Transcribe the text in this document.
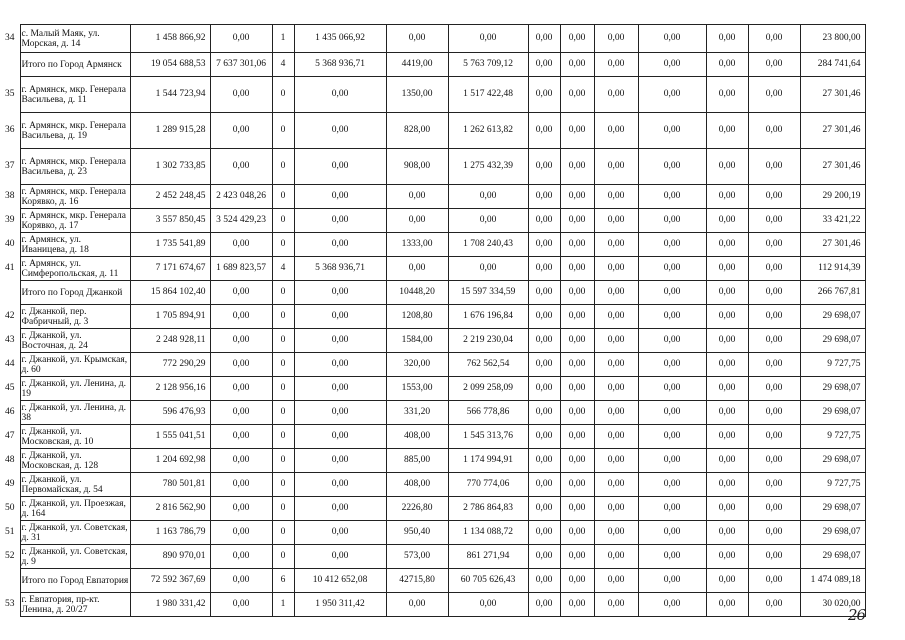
34	с. Малый Маяк, ул. Морская, д. 14	1 458 866,92	0,00	1	1 435 066,92	0,00	0,00	0,00	0,00	0,00	0,00	0,00	0,00	23 800,00
	Итого по Город Армянск	19 054 688,53	7 637 301,06	4	5 368 936,71	4419,00	5 763 709,12	0,00	0,00	0,00	0,00	0,00	0,00	284 741,64
35	г. Армянск, мкр. Генерала Васильева, д. 11	1 544 723,94	0,00	0	0,00	1350,00	1 517 422,48	0,00	0,00	0,00	0,00	0,00	0,00	27 301,46
36	г. Армянск, мкр. Генерала Васильева, д. 19	1 289 915,28	0,00	0	0,00	828,00	1 262 613,82	0,00	0,00	0,00	0,00	0,00	0,00	27 301,46
37	г. Армянск, мкр. Генерала Васильева, д. 23	1 302 733,85	0,00	0	0,00	908,00	1 275 432,39	0,00	0,00	0,00	0,00	0,00	0,00	27 301,46
38	г. Армянск, мкр. Генерала Корявко, д. 16	2 452 248,45	2 423 048,26	0	0,00	0,00	0,00	0,00	0,00	0,00	0,00	0,00	0,00	29 200,19
39	г. Армянск, мкр. Генерала Корявко, д. 17	3 557 850,45	3 524 429,23	0	0,00	0,00	0,00	0,00	0,00	0,00	0,00	0,00	0,00	33 421,22
40	г. Армянск, ул. Иваницева, д. 18	1 735 541,89	0,00	0	0,00	1333,00	1 708 240,43	0,00	0,00	0,00	0,00	0,00	0,00	27 301,46
41	г. Армянск, ул. Симферопольская, д. 11	7 171 674,67	1 689 823,57	4	5 368 936,71	0,00	0,00	0,00	0,00	0,00	0,00	0,00	0,00	112 914,39
	Итого по Город Джанкой	15 864 102,40	0,00	0	0,00	10448,20	15 597 334,59	0,00	0,00	0,00	0,00	0,00	0,00	266 767,81
42	г. Джанкой, пер. Фабричный, д. 3	1 705 894,91	0,00	0	0,00	1208,80	1 676 196,84	0,00	0,00	0,00	0,00	0,00	0,00	29 698,07
43	г. Джанкой, ул. Восточная, д. 24	2 248 928,11	0,00	0	0,00	1584,00	2 219 230,04	0,00	0,00	0,00	0,00	0,00	0,00	29 698,07
44	г. Джанкой, ул. Крымская, д. 60	772 290,29	0,00	0	0,00	320,00	762 562,54	0,00	0,00	0,00	0,00	0,00	0,00	9 727,75
45	г. Джанкой, ул. Ленина, д. 19	2 128 956,16	0,00	0	0,00	1553,00	2 099 258,09	0,00	0,00	0,00	0,00	0,00	0,00	29 698,07
46	г. Джанкой, ул. Ленина, д. 38	596 476,93	0,00	0	0,00	331,20	566 778,86	0,00	0,00	0,00	0,00	0,00	0,00	29 698,07
47	г. Джанкой, ул. Московская, д. 10	1 555 041,51	0,00	0	0,00	408,00	1 545 313,76	0,00	0,00	0,00	0,00	0,00	0,00	9 727,75
48	г. Джанкой, ул. Московская, д. 128	1 204 692,98	0,00	0	0,00	885,00	1 174 994,91	0,00	0,00	0,00	0,00	0,00	0,00	29 698,07
49	г. Джанкой, ул. Первомайская, д. 54	780 501,81	0,00	0	0,00	408,00	770 774,06	0,00	0,00	0,00	0,00	0,00	0,00	9 727,75
50	г. Джанкой, ул. Проезжая, д. 164	2 816 562,90	0,00	0	0,00	2226,80	2 786 864,83	0,00	0,00	0,00	0,00	0,00	0,00	29 698,07
51	г. Джанкой, ул. Советская, д. 31	1 163 786,79	0,00	0	0,00	950,40	1 134 088,72	0,00	0,00	0,00	0,00	0,00	0,00	29 698,07
52	г. Джанкой, ул. Советская, д. 9	890 970,01	0,00	0	0,00	573,00	861 271,94	0,00	0,00	0,00	0,00	0,00	0,00	29 698,07
	Итого по Город Евпатория	72 592 367,69	0,00	6	10 412 652,08	42715,80	60 705 626,43	0,00	0,00	0,00	0,00	0,00	0,00	1 474 089,18
53	г. Евпатория, пр-кт. Ленина, д. 20/27	1 980 331,42	0,00	1	1 950 311,42	0,00	0,00	0,00	0,00	0,00	0,00	0,00	0,00	30 020,00
26
